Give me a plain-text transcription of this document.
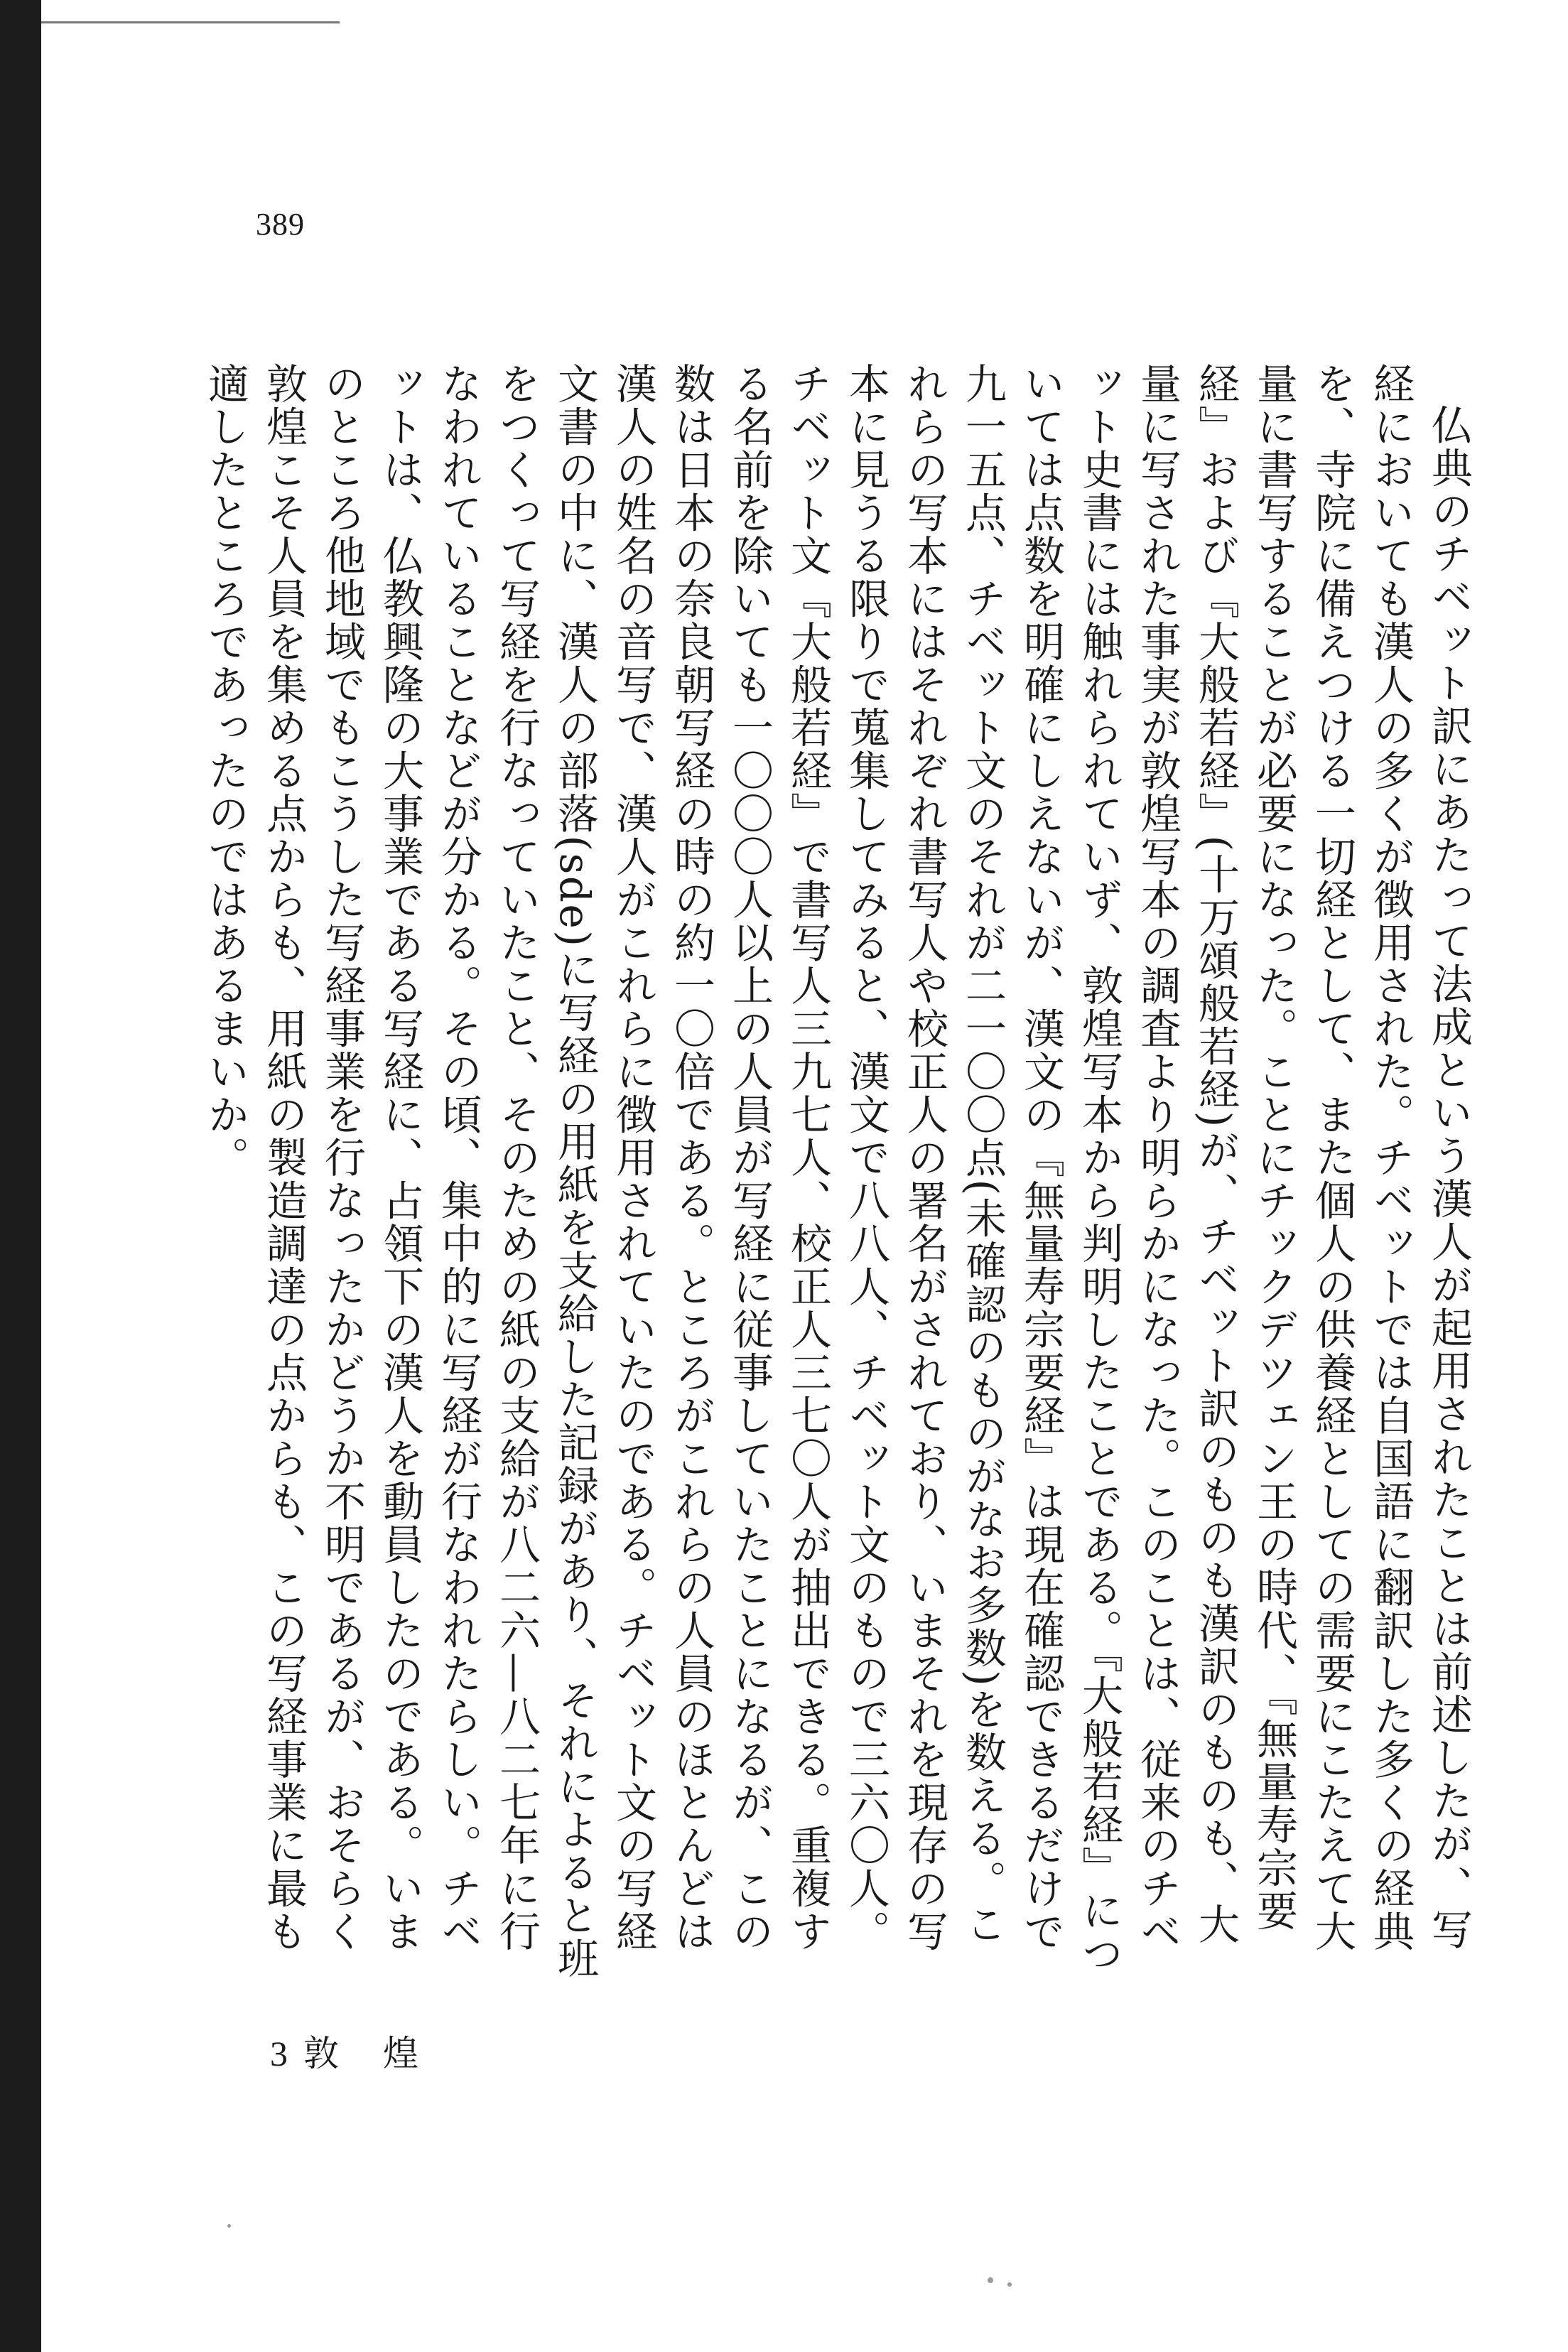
389

仏典のチベット訳にあたって法成という漢人が起用されたことは前述したが、写経においても漢人の多くが徴用された。チベットでは自国語に翻訳した多くの経典を、寺院に備えつける一切経として、また個人の供養経としての需要にこたえて大量に書写することが必要になった。ことにチックデツェン王の時代、『無量寿宗要経』および『大般若経』(十万頌般若経)が、チベット訳のものも漢訳のものも、大量に写された事実が敦煌写本の調査より明らかになった。このことは、従来のチベット史書には触れられていず、敦煌写本から判明したことである。『大般若経』については点数を明確にしえないが、漢文の『無量寿宗要経』は現在確認できるだけで九一五点、チベット文のそれが二一〇〇点(未確認のものがなお多数)を数える。これらの写本にはそれぞれ書写人や校正人の署名がされており、いまそれを現存の写本に見うる限りで蒐集してみると、漢文で八八人、チベット文のもので三六〇人。チベット文『大般若経』で書写人三九七人、校正人三七〇人が抽出できる。重複する名前を除いても一〇〇〇人以上の人員が写経に従事していたことになるが、この数は日本の奈良朝写経の時の約一〇倍である。ところがこれらの人員のほとんどは漢人の姓名の音写で、漢人がこれらに徴用されていたのである。チベット文の写経文書の中に、漢人の部落(sde)に写経の用紙を支給した記録があり、それによると班をつくって写経を行なっていたこと、そのための紙の支給が八二六—八二七年に行なわれていることなどが分かる。その頃、集中的に写経が行なわれたらしい。チベットは、仏教興隆の大事業である写経に、占領下の漢人を動員したのである。いまのところ他地域でもこうした写経事業を行なったかどうか不明であるが、おそらく敦煌こそ人員を集める点からも、用紙の製造調達の点からも、この写経事業に最も適したところであったのではあるまいか。

3 敦煌
